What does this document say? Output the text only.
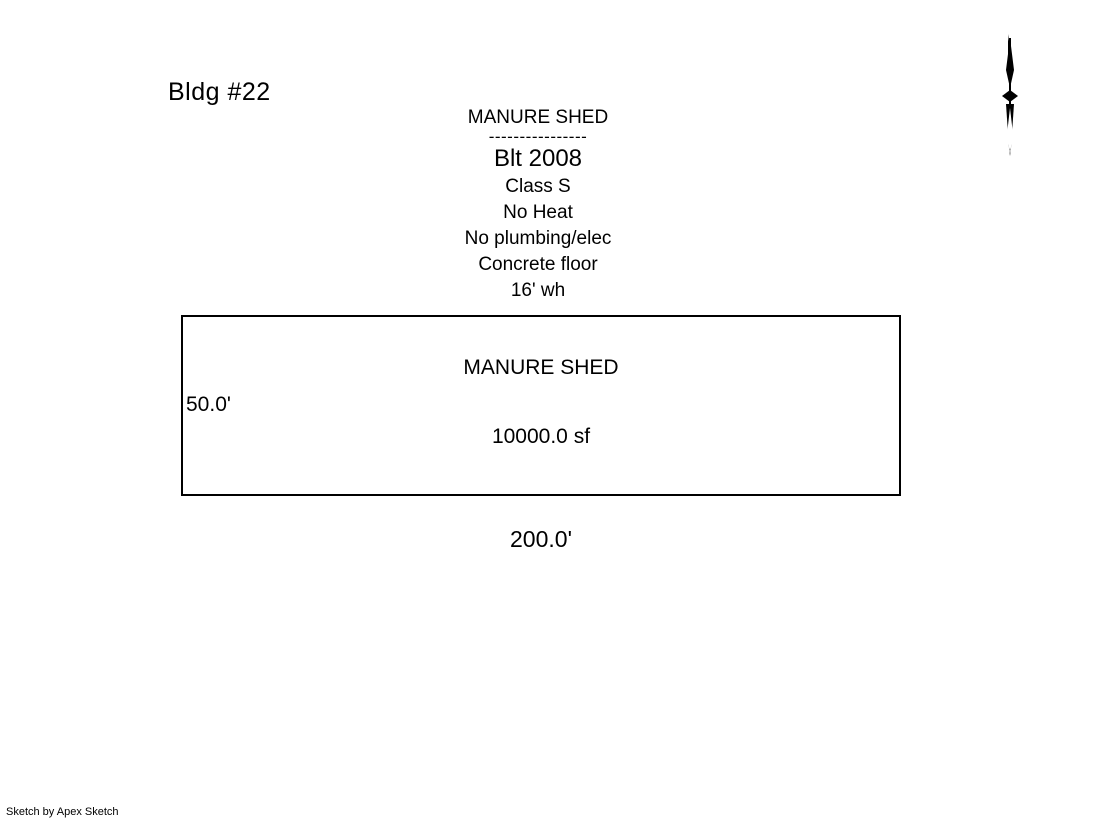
Bldg #22
MANURE SHED
----------------
Blt 2008
Class S
No Heat
No plumbing/elec
Concrete floor
16' wh
MANURE SHED
10000.0 sf
50.0'
200.0'
Sketch by Apex Sketch
